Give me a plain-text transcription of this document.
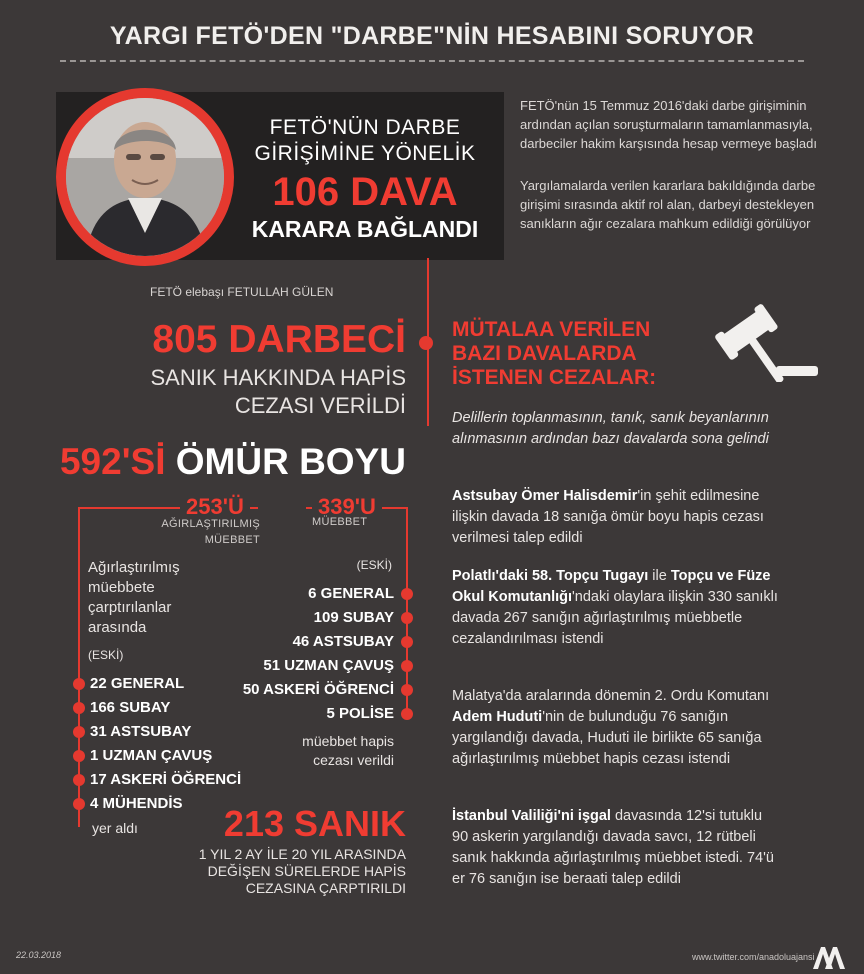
YARGI FETÖ'DEN "DARBE"NİN HESABINI SORUYOR
FETÖ'NÜN DARBE
GİRİŞİMİNE YÖNELİK
106 DAVA
KARARA BAĞLANDI
FETÖ elebaşı FETULLAH GÜLEN
FETÖ'nün 15 Temmuz 2016'daki darbe girişiminin ardından açılan soruşturmaların tamamlanmasıyla, darbeciler hakim karşısında hesap vermeye başladı
Yargılamalarda verilen kararlara bakıldığında darbe girişimi sırasında aktif rol alan, darbeyi destekleyen sanıkların ağır cezalara mahkum edildiği görülüyor
805 DARBECİ
SANIK HAKKINDA HAPİS
CEZASI VERİLDİ
592'Sİ ÖMÜR BOYU
253'Ü
AĞIRLAŞTIRILMIŞ MÜEBBET
339'U
MÜEBBET
Ağırlaştırılmış müebbete çarptırılanlar arasında
(ESKİ)
(ESKİ)
22 GENERAL
166 SUBAY
31 ASTSUBAY
1 UZMAN ÇAVUŞ
17 ASKERİ ÖĞRENCİ
4 MÜHENDİS
6 GENERAL
109 SUBAY
46 ASTSUBAY
51 UZMAN ÇAVUŞ
50 ASKERİ ÖĞRENCİ
5 POLİSE
yer aldı
müebbet hapis cezası verildi
213 SANIK
1 YIL 2 AY İLE 20 YIL ARASINDA DEĞİŞEN SÜRELERDE HAPİS CEZASINA ÇARPTIRILDI
MÜTALAA VERİLEN
BAZI DAVALARDA
İSTENEN CEZALAR:
Delillerin toplanmasının, tanık, sanık beyanlarının alınmasının ardından bazı davalarda sona gelindi
Astsubay Ömer Halisdemir'in şehit edilmesine ilişkin davada 18 sanığa ömür boyu hapis cezası verilmesi talep edildi
Polatlı'daki 58. Topçu Tugayı ile Topçu ve Füze Okul Komutanlığı'ndaki olaylara ilişkin 330 sanıklı davada 267 sanığın ağırlaştırılmış müebbetle cezalandırılması istendi
Malatya'da aralarında dönemin 2. Ordu Komutanı Adem Huduti'nin de bulunduğu 76 sanığın yargılandığı davada, Huduti ile birlikte 65 sanığa ağırlaştırılmış müebbet hapis cezası istendi
İstanbul Valiliği'ni işgal davasında 12'si tutuklu 90 askerin yargılandığı davada savcı, 12 rütbeli sanık hakkında ağırlaştırılmış müebbet istedi. 74'ü er 76 sanığın ise beraati talep edildi
22.03.2018	www.twitter.com/anadoluajansi
